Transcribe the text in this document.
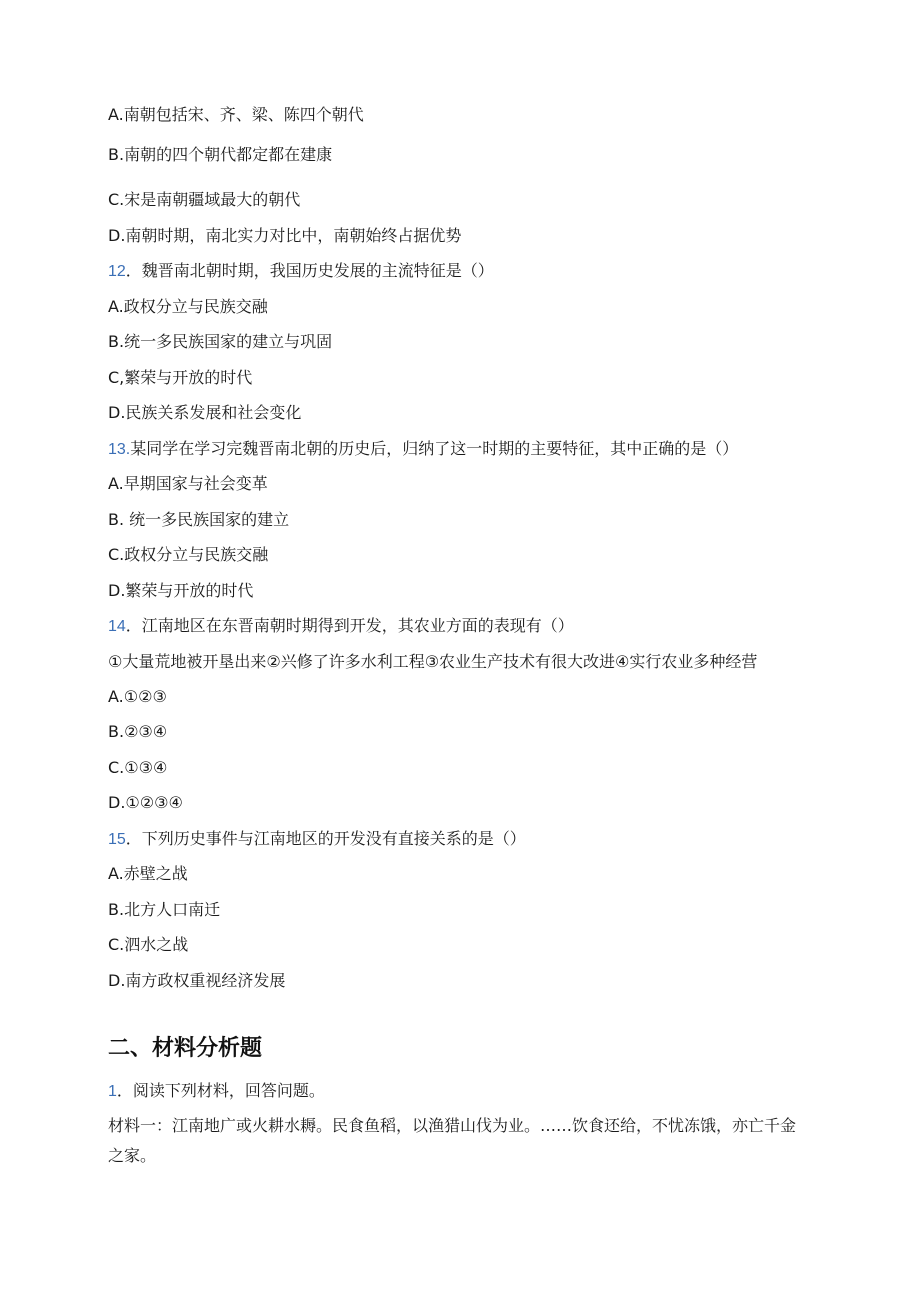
A.南朝包括宋、齐、梁、陈四个朝代
B.南朝的四个朝代都定都在建康
C.宋是南朝疆域最大的朝代
D.南朝时期，南北实力对比中，南朝始终占据优势
12．魏晋南北朝时期，我国历史发展的主流特征是（）
A.政权分立与民族交融
B.统一多民族国家的建立与巩固
C,繁荣与开放的时代
D.民族关系发展和社会变化
13.某同学在学习完魏晋南北朝的历史后，归纳了这一时期的主要特征，其中正确的是（）
A.早期国家与社会变革
B. 统一多民族国家的建立
C.政权分立与民族交融
D.繁荣与开放的时代
14．江南地区在东晋南朝时期得到开发，其农业方面的表现有（）
①大量荒地被开垦出来②兴修了许多水利工程③农业生产技术有很大改进④实行农业多种经营
A.①②③
B.②③④
C.①③④
D.①②③④
15．下列历史事件与江南地区的开发没有直接关系的是（）
A.赤壁之战
B.北方人口南迁
C.泗水之战
D.南方政权重视经济发展
二、材料分析题
1．阅读下列材料，回答问题。
材料一：江南地广或火耕水耨。民食鱼稻，以渔猎山伐为业。……饮食还给，不忧冻饿，亦亡千金之家。
